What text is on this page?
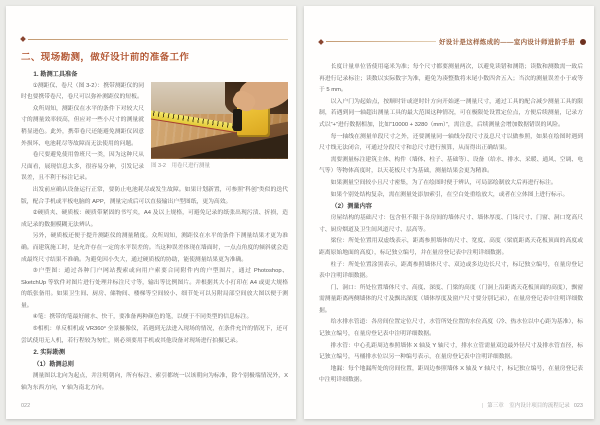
二、现场勘测，做好设计前的准备工作
1. 勘测工具准备
图 3-2　用卷尺进行测量

①测距仪、卷尺（图 3-2）：携带测距仪的同时也要携带卷尺，卷尺可以弥补测距仪的短板。

众所周知，测距仪在水平的条件下对较大尺寸的测量效率较高，但应对一些小尺寸的测量就稍显逊色。此外，携带卷尺还能避免测距仪因意外损坏、电池耗尽等故障而无法使用的问题。

卷尺要避免使用鲁班尺一类，因为这种尺从尺面看，展现信息太多，很容易分神，引发记录误差，且不利于标注记录。

出发前应确认设备运行正常，要防止电池耗尽或发生故障。如果计划新置，可参照“科创”类似的迭代版，配合手机或平板电脑的 APP，测量完成后可以直接输出户型图纸，更为高效。

②硬质夹、硬质板：硬质带紧固的书写夹，A4 及以上规格，可避免记录的纸张出现污渍、折损，造成记录的数据模糊无法辨认。

另外，硬质板还便于提升测距仪的测量精度。众所周知，测距仪在水平的条件下测量结果才更为准确。而建筑施工时，是允许存在一定的水平误差的。当这种误差体现在墙面时，一点点角度的倾斜就会造成最终尺寸结果不准确。为避免因小失大，通过硬质板的协助，能使测量结果更为准确。

③户型图：通过各种门户网站搜索或向用户索要合同附件内的户型图片，通过 Photoshop、SketchUp 等软件对图片进行处理并标注尺寸等，输出等比例图片。并根据其大小打印在 A4 或更大规格的纸张备用。如果卫生间、厨房、储物间、楼梯等空间较小、细节处可以另附局部空间放大图以便于测量。

④笔：携带的笔最好耐水、快干，要准备两种颜色的笔，以便于不同类型的信息标注。

⑤相机：单反相机或 VR360° 全景摄像仪，若遇到无法进入现场的情况，在条件允许的情况下，还可尝试使用无人机，若行程较为匆忙，则必须要用手机或其他设备对现场进行拍摄记录。

2. 实际勘测
（1）勘测总则

测量图以北向为起点，并注明朝向，所有标注、索引都统一以该朝向为标准，除个别极端情况外，X 轴为东西方向，Y 轴为南北方向。

022
好设计是这样炼成的——室内设计师进阶手册

长度计量单位皆使用毫米为准；每个尺寸都要测量两次，以避免读错和测错；读数和测数需一致后再进行记录标注；读数以实际数字为准，避免为凑整数将末尾小数四舍五入；当次的测量误差小于或等于 5 mm。

以入户门为起始点，按顺时针或逆时针方向开始逐一测量尺寸，通过工具的配合减少测量工具的限制，若遇到同一轴超出测量工具的最大范围这种情况，可在极限处设置定位点，方便后续测量，记录方式以“+”进行数据相加，比如“10000 + 3280（mm）”，需注意，后续测量会增加数据错误的风险。

每一轴线在测量单段尺寸之外，还要测量同一轴线分段尺寸及总尺寸以做参照，如果在绘图时遇到尺寸线无法闭合，可通过分段尺寸和总尺寸进行预算，从而得出正确结果。

需要测量标注建筑主体、构件（墙体、柱子、基础等）、设备（给水、排水、采暖、通风、空调、电气等）等物体高度时，以天花板尺寸为基础，测量结果会更为精准。

如果测量空间较小且尺寸密集，为了在绘图时便于辨认，可局部绘制放大后再进行标注。

如果个别处结构复杂，需在测量处添加索引，在空白处重绘放大，或者在立体图上进行标示。

（2）测量内容

房屋结构的基础尺寸：包含但不限于各房间的墙体尺寸、墙体厚度、门垛尺寸、门窗、洞口宽高尺寸、厨房烟道及卫生间风道尺寸、层高等。

梁位：所处位置用双虚线表示，距离参照墙体的尺寸、宽度、高度（梁底距离天花板顶面的高度或距离原始地面的高度），标记独立编号，并在量房登记表中注明详细数据。

柱子：所处位置涂黑表示，距离参照墙体尺寸、双边或多边边长尺寸，标记独立编号，在量房登记表中注明详细数据。

门、洞口：所处位置墙体尺寸、高度、深度、门梁的高度（门洞上沿距离天花板顶面的高度），飘窗需测量距离两侧墙体的尺寸及飘出深度（墙体厚度及窗户尺寸要分别记录），在量房登记表中注明详细数据。

给水排水管道：各房间位置定位尺寸，水管所处位置的水位高度（冷、热水位以中心距为基准），标记独立编号，在量房登记表中注明详细数据。

排水管：中心孔距周边参照墙体 X 轴及 Y 轴尺寸，排水立管需量双边最外径尺寸及排水管直径，标记独立编号，马桶排水位以另一种编号表示，在量房登记表中注明详细数据。

地漏：每个地漏所处的房间位置，距周边参照墙体 X 轴及 Y 轴尺寸，标记独立编号，在量房登记表中注明详细数据。

| 第三章　室内设计项目的流程记录 023
